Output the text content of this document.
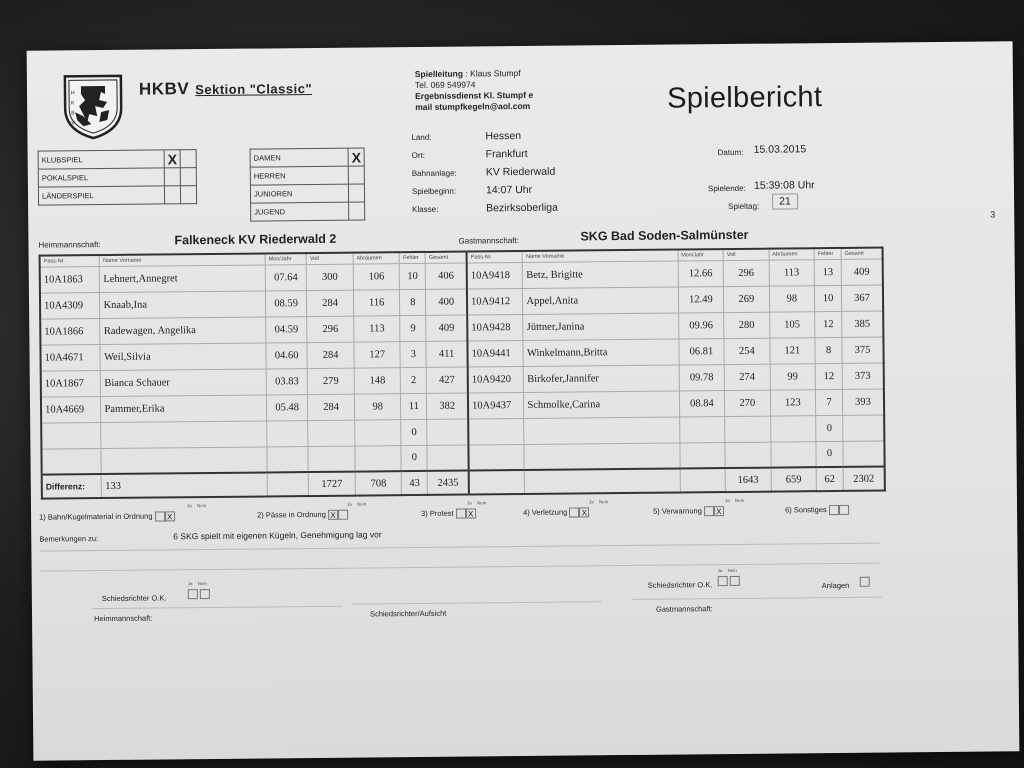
H
K
B
V
HKBV Sektion "Classic"
Spielleitung : Klaus Stumpf
Tel. 069 549974
Ergebnissdienst Kl. Stumpf e
mail stumpfkegeln@aol.com	Spielbericht
KLUBSPIEL	X	
POKALSPIEL		
LÄNDERSPIEL		
DAMEN	X
HERREN	
JUNIOREN	
JUGEND	
Land:	Hessen
Ort:	Frankfurt	Datum: 15.03.2015
Bahnanlage:	KV Riederwald
Spielbeginn:	14:07 Uhr	Spielende: 15:39:08 Uhr
Klasse:	Bezirksoberliga	Spieltag:	21
3
Heimmannschaft:	Falkeneck KV Riederwald 2	Gastmannschaft:	SKG Bad Soden-Salmünster
Pass-Nr.	Name Vorname	Mon/Jahr	Voll	Abräumen	Fehler	Gesamt	Pass-Nr.	Name Vorname	Mon/Jahr	Voll	Abräumen	Fehler	Gesamt
10A1863	Lehnert,Annegret	07.64	300	106	10	406	10A9418	Betz, Brigitte	12.66	296	113	13	409
10A4309	Knaab,Ina	08.59	284	116	8	400	10A9412	Appel,Anita	12.49	269	98	10	367
10A1866	Radewagen, Angelika	04.59	296	113	9	409	10A9428	Jüttner,Janina	09.96	280	105	12	385
10A4671	Weil,Silvia	04.60	284	127	3	411	10A9441	Winkelmann,Britta	06.81	254	121	8	375
10A1867	Bianca Schauer	03.83	279	148	2	427	10A9420	Birkofer,Jannifer	09.78	274	99	12	373
10A4669	Pammer,Erika	05.48	284	98	11	382	10A9437	Schmolke,Carina	08.84	270	123	7	393
					0							0	
					0							0	
Differenz:	133		1727	708	43	2435				1643	659	62	2302
1) Bahn/Kugelmaterial in Ordnung X	2) Pässe in Ordnung X	3) Protest X	4) Verletzung X	5) Verwarnung X	6) Sonstiges
Ja Nein	Ja Nein	Ja Nein	Ja Nein	Ja Nein
Bemerkungen zu:	6 SKG spielt mit eigenen Kügeln, Genehmigung lag vor
Schiedsrichter O.K.
Schiedsrichter O.K.	Anlagen
Ja Nein
Ja Nein
Heimmannschaft:	Schiedsrichter/Aufsicht	Gastmannschaft:
